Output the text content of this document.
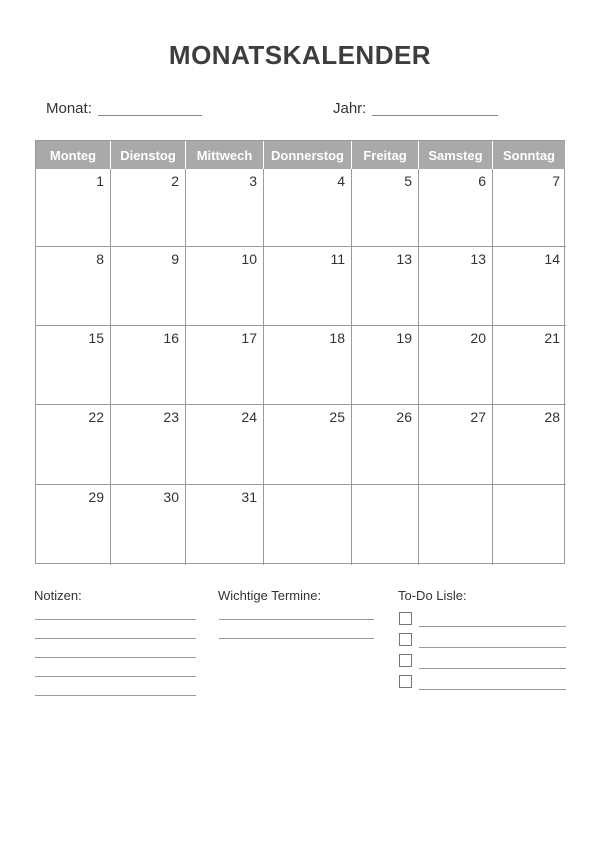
MONATSKALENDER
Monat:	Jahr:
Monteg	Dienstog	Mittwech	Donnerstog	Freitag	Samsteg	Sonntag
1	2	3	4	5	6	7
8	9	10	11	13	13	14
15	16	17	18	19	20	21
22	23	24	25	26	27	28
29	30	31
Notizen:	Wichtige Termine:	To-Do Lisle:
